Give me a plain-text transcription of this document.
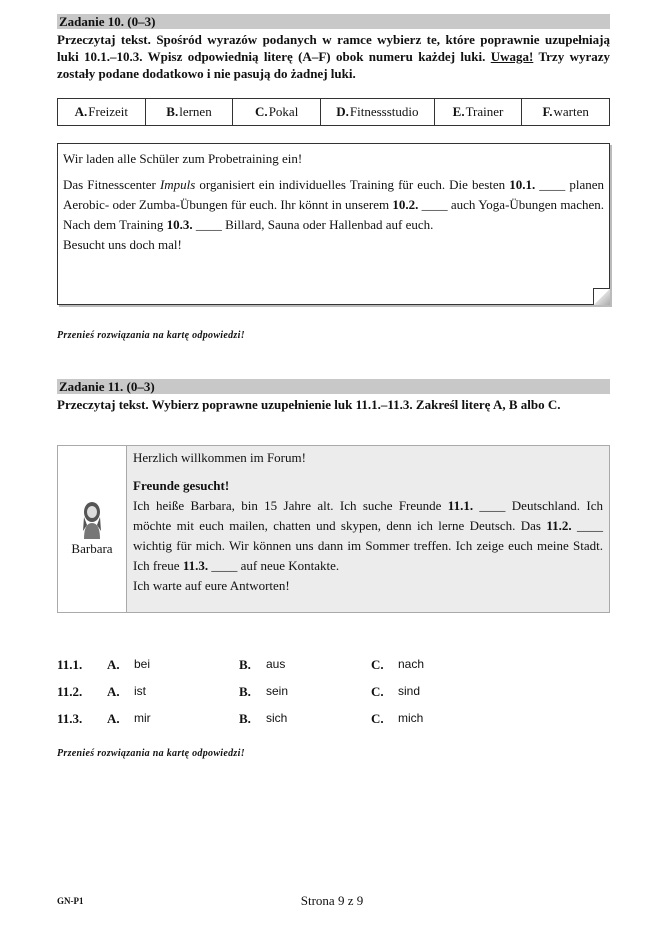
Zadanie 10. (0–3)
Przeczytaj tekst. Spośród wyrazów podanych w ramce wybierz te, które poprawnie uzupełniają luki 10.1.–10.3. Wpisz odpowiednią literę (A–F) obok numeru każdej luki. Uwaga! Trzy wyrazy zostały podane dodatkowo i nie pasują do żadnej luki.
A. Freizeit	B. lernen	C. Pokal	D. Fitnessstudio	E. Trainer	F. warten

Wir laden alle Schüler zum Probetraining ein!

Das Fitnesscenter Impuls organisiert ein individuelles Training für euch. Die besten 10.1. ____ planen Aerobic- oder Zumba-Übungen für euch. Ihr könnt in unserem 10.2. ____ auch Yoga-Übungen machen. Nach dem Training 10.3. ____ Billard, Sauna oder Hallenbad auf euch.

Besucht uns doch mal!

Przenieś rozwiązania na kartę odpowiedzi!
Zadanie 11. (0–3)
Przeczytaj tekst. Wybierz poprawne uzupełnienie luk 11.1.–11.3. Zakreśl literę A, B albo C.
Barbara

Herzlich willkommen im Forum!

Freunde gesucht!

Ich heiße Barbara, bin 15 Jahre alt. Ich suche Freunde 11.1. ____ Deutschland. Ich möchte mit euch mailen, chatten und skypen, denn ich lerne Deutsch. Das 11.2. ____ wichtig für mich. Wir können uns dann im Sommer treffen. Ich zeige euch meine Stadt. Ich freue 11.3. ____ auf neue Kontakte.

Ich warte auf eure Antworten!

11.1.	A.	bei	B.	aus	C.	nach
11.2.	A.	ist	B.	sein	C.	sind
11.3.	A.	mir	B.	sich	C.	mich
Przenieś rozwiązania na kartę odpowiedzi!
GN-P1	Strona 9 z 9
